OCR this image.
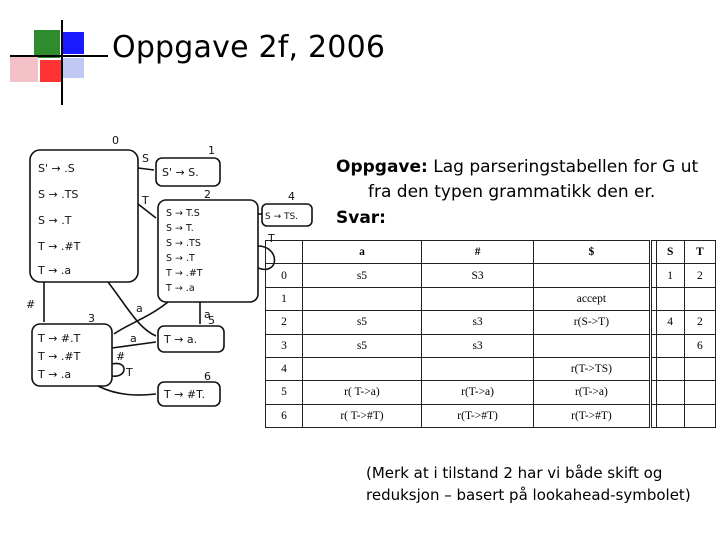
Oppgave 2f, 2006
0
1
2	4
3	5
6
S' → .S
S → .TS
S → .T
T → .#T
T → .a
S' → S.
S → T.S
S → T.
S → .TS
S → .T
T → .#T
T → .a
S → TS.
T → #.T
T → .#T
T → .a
T → a.
T → #T.
S
T
T
#	a	a
T
#
a
Oppgave: Lag parseringstabellen for G ut
fra den typen grammatikk den er.
Svar:
	a	#	$		S	T
0	s5	S3			1	2
1			accept			
2	s5	s3	r(S->T)		4	2
3	s5	s3				6
4			r(T->TS)			
5	r( T->a)	r(T->a)	r(T->a)			
6	r( T->#T)	r(T->#T)	r(T->#T)			
(Merk at i tilstand 2 har vi både skift og
reduksjon – basert på lookahead-symbolet)
